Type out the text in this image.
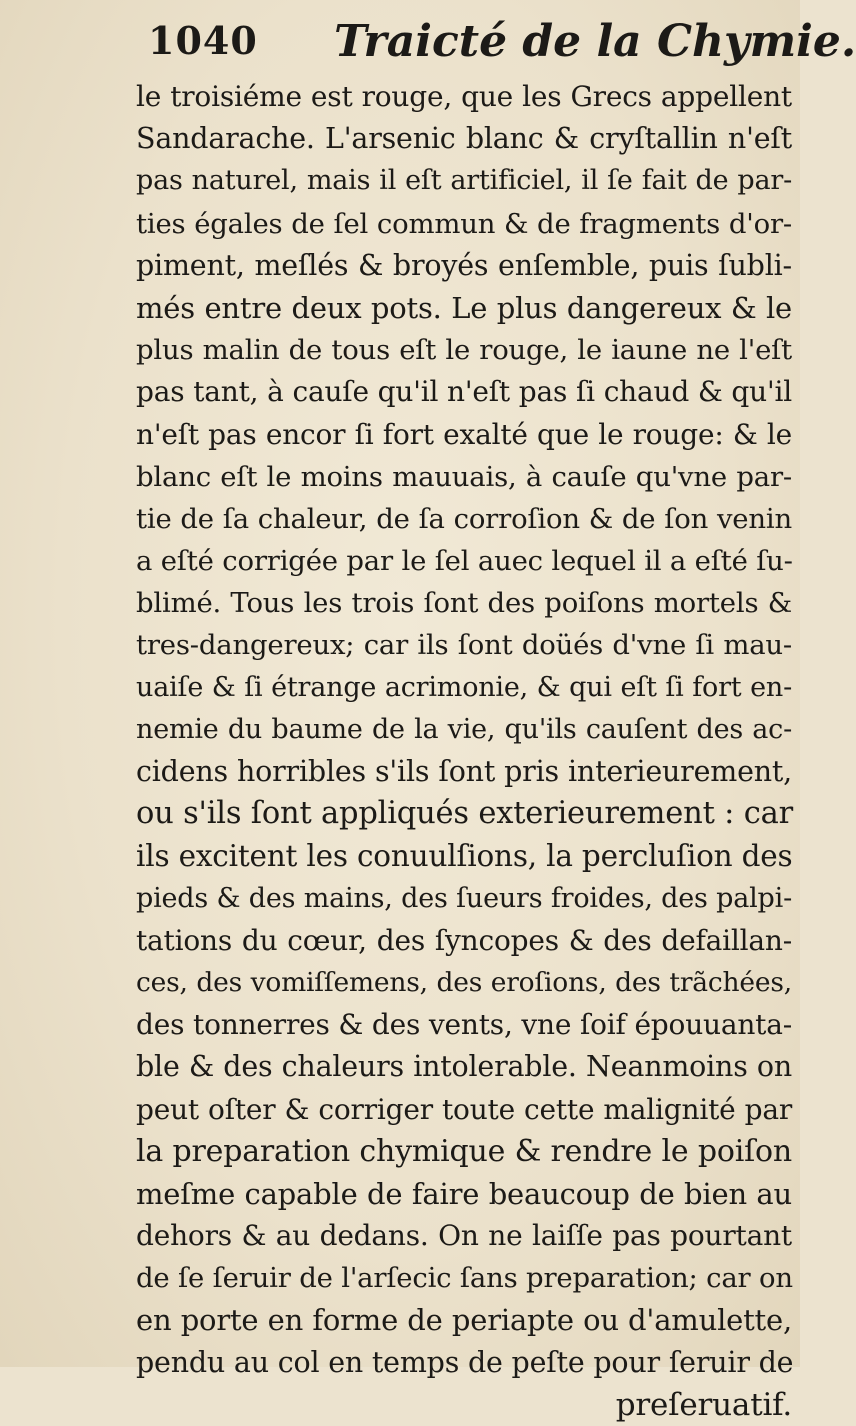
1040 Traicté de la Chymie.
le troisiéme est rouge, que les Grecs appellent
Sandarache. L'arsenic blanc & cryſtallin n'eſt
pas naturel, mais il eſt artificiel, il ſe fait de par-
ties égales de ſel commun & de fragments d'or-
piment, meſlés & broyés enſemble, puis ſubli-
més entre deux pots. Le plus dangereux & le
plus malin de tous eſt le rouge, le iaune ne l'eſt
pas tant, à cauſe qu'il n'eſt pas ſi chaud & qu'il
n'eſt pas encor ſi fort exalté que le rouge: & le
blanc eſt le moins mauuais, à cauſe qu'vne par-
tie de ſa chaleur, de ſa corroſion & de ſon venin
a eſté corrigée par le ſel auec lequel il a eſté ſu-
blimé. Tous les trois ſont des poiſons mortels &
tres-dangereux; car ils ſont doüés d'vne ſi mau-
uaiſe & ſi étrange acrimonie, & qui eſt ſi fort en-
nemie du baume de la vie, qu'ils cauſent des ac-
cidens horribles s'ils ſont pris interieurement,
ou s'ils ſont appliqués exterieurement : car
ils excitent les conuulſions, la percluſion des
pieds & des mains, des ſueurs froides, des palpi-
tations du cœur, des ſyncopes & des defaillan-
ces, des vomiſſemens, des eroſions, des trãchées,
des tonnerres & des vents, vne ſoif épouuanta-
ble & des chaleurs intolerable. Neanmoins on
peut oſter & corriger toute cette malignité par
la preparation chymique & rendre le poiſon
meſme capable de faire beaucoup de bien au
dehors & au dedans. On ne laiſſe pas pourtant
de ſe ſeruir de l'arſecic ſans preparation; car on
en porte en forme de periapte ou d'amulette,
pendu au col en temps de peſte pour ſeruir de
preſeruatif.
